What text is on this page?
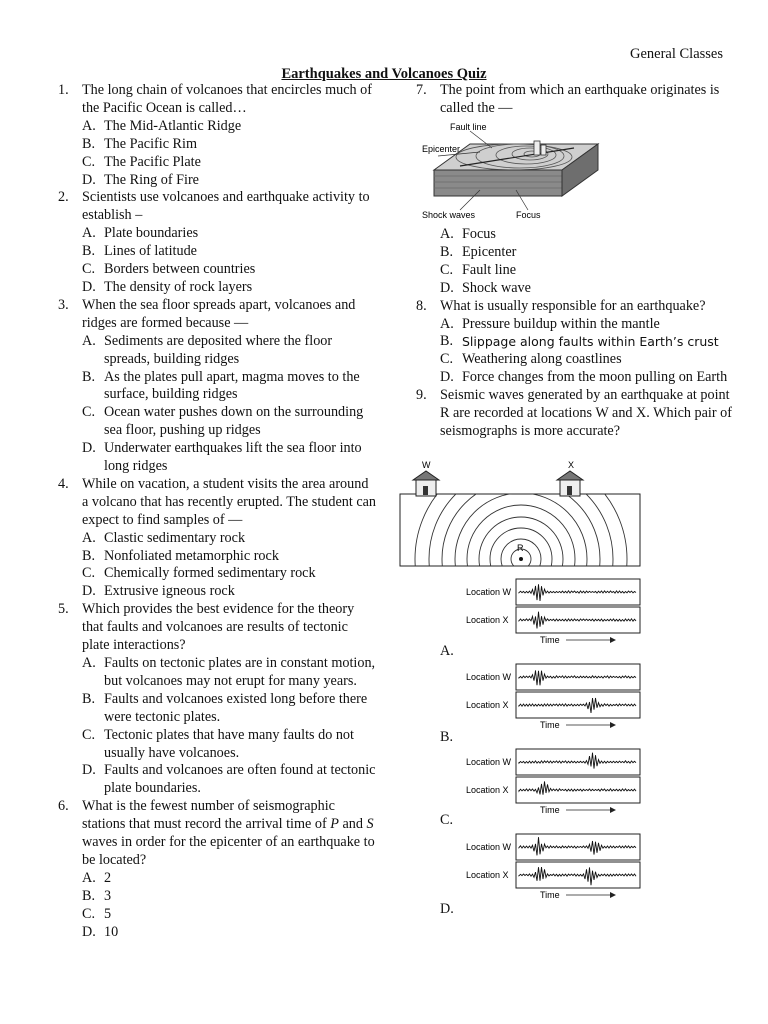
General Classes
Earthquakes and Volcanoes Quiz
1. The long chain of volcanoes that encircles much of the Pacific Ocean is called…
A. The Mid-Atlantic Ridge
B. The Pacific Rim
C. The Pacific Plate
D. The Ring of Fire
2. Scientists use volcanoes and earthquake activity to establish –
A. Plate boundaries
B. Lines of latitude
C. Borders between countries
D. The density of rock layers
3. When the sea floor spreads apart, volcanoes and ridges are formed because —
A. Sediments are deposited where the floor spreads, building ridges
B. As the plates pull apart, magma moves to the surface, building ridges
C. Ocean water pushes down on the surrounding sea floor, pushing up ridges
D. Underwater earthquakes lift the sea floor into long ridges
4. While on vacation, a student visits the area around a volcano that has recently erupted. The student can expect to find samples of —
A. Clastic sedimentary rock
B. Nonfoliated metamorphic rock
C. Chemically formed sedimentary rock
D. Extrusive igneous rock
5. Which provides the best evidence for the theory that faults and volcanoes are results of tectonic plate interactions?
A. Faults on tectonic plates are in constant motion, but volcanoes may not erupt for many years.
B. Faults and volcanoes existed long before there were tectonic plates.
C. Tectonic plates that have many faults do not usually have volcanoes.
D. Faults and volcanoes are often found at tectonic plate boundaries.
6. What is the fewest number of seismographic stations that must record the arrival time of P and S waves in order for the epicenter of an earthquake to be located?
A. 2
B. 3
C. 5
D. 10
7. The point from which an earthquake originates is called the —
Fault line
Epicenter
Shock waves	Focus
A. Focus
B. Epicenter
C. Fault line
D. Shock wave
8. What is usually responsible for an earthquake?
A. Pressure buildup within the mantle
B. Slippage along faults within Earth’s crust
C. Weathering along coastlines
D. Force changes from the moon pulling on Earth
9. Seismic waves generated by an earthquake at point R are recorded at locations W and X. Which pair of seismographs is more accurate?
R
W	X
A.
B.
C.
D.
Location W
Location X
Time
Location W
Location X
Time
Location W
Location X
Time
Location W
Location X
Time
